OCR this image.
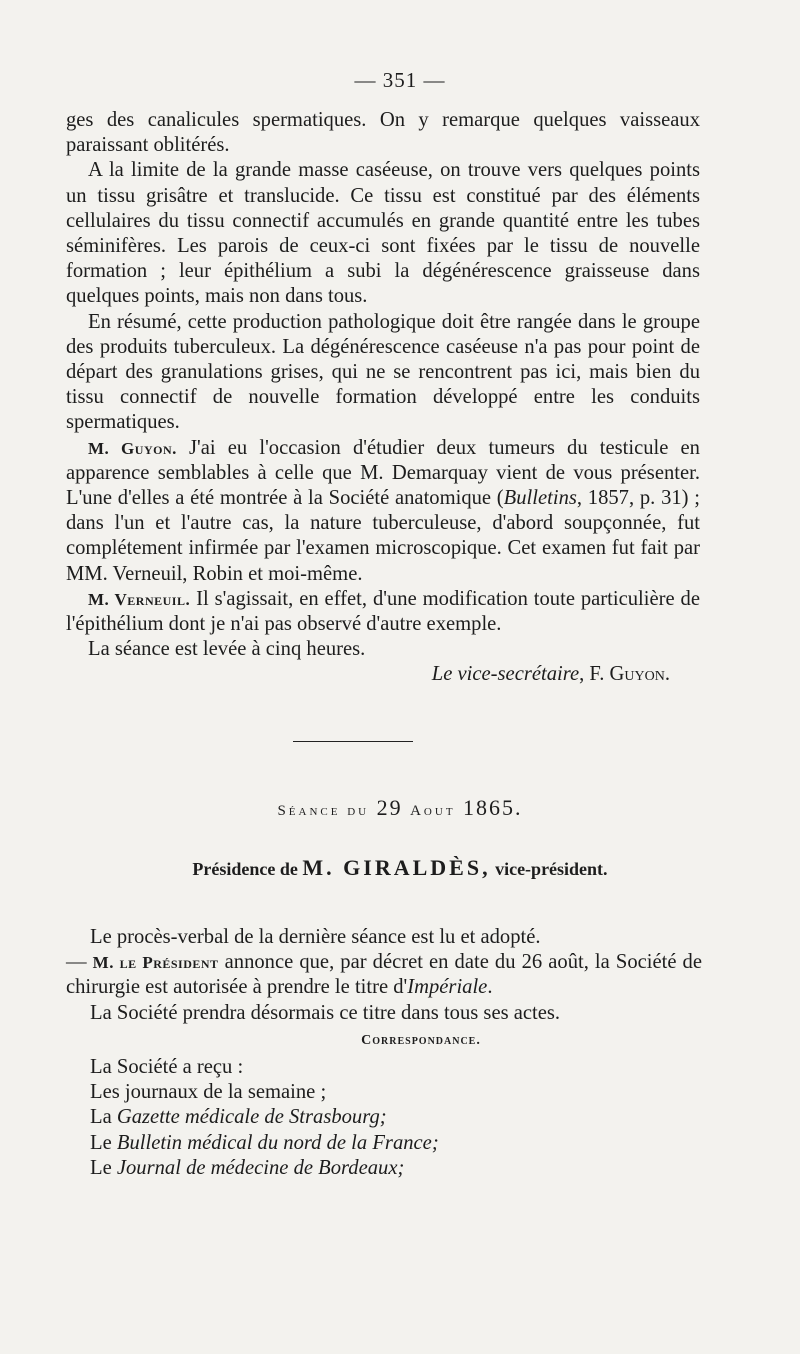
— 351 —

ges des canalicules spermatiques. On y remarque quelques vaisseaux paraissant oblitérés.

A la limite de la grande masse caséeuse, on trouve vers quelques points un tissu grisâtre et translucide. Ce tissu est constitué par des éléments cellulaires du tissu connectif accumulés en grande quantité entre les tubes séminifères. Les parois de ceux-ci sont fixées par le tissu de nouvelle formation ; leur épithélium a subi la dégénérescence graisseuse dans quelques points, mais non dans tous.

En résumé, cette production pathologique doit être rangée dans le groupe des produits tuberculeux. La dégénérescence caséeuse n'a pas pour point de départ des granulations grises, qui ne se rencontrent pas ici, mais bien du tissu connectif de nouvelle formation développé entre les conduits spermatiques.

M. Guyon. J'ai eu l'occasion d'étudier deux tumeurs du testicule en apparence semblables à celle que M. Demarquay vient de vous présenter. L'une d'elles a été montrée à la Société anatomique (Bulletins, 1857, p. 31) ; dans l'un et l'autre cas, la nature tuberculeuse, d'abord soupçonnée, fut complétement infirmée par l'examen microscopique. Cet examen fut fait par MM. Verneuil, Robin et moi-même.

M. Verneuil. Il s'agissait, en effet, d'une modification toute particulière de l'épithélium dont je n'ai pas observé d'autre exemple.

La séance est levée à cinq heures.

Le vice-secrétaire, F. Guyon.

Séance du 29 Aout 1865.
Présidence de M. GIRALDÈS, vice-président.

Le procès-verbal de la dernière séance est lu et adopté.

— M. le Président annonce que, par décret en date du 26 août, la Société de chirurgie est autorisée à prendre le titre d'Impériale.

La Société prendra désormais ce titre dans tous ses actes.

Correspondance.

La Société a reçu :

Les journaux de la semaine ;

La Gazette médicale de Strasbourg;

Le Bulletin médical du nord de la France;

Le Journal de médecine de Bordeaux;
